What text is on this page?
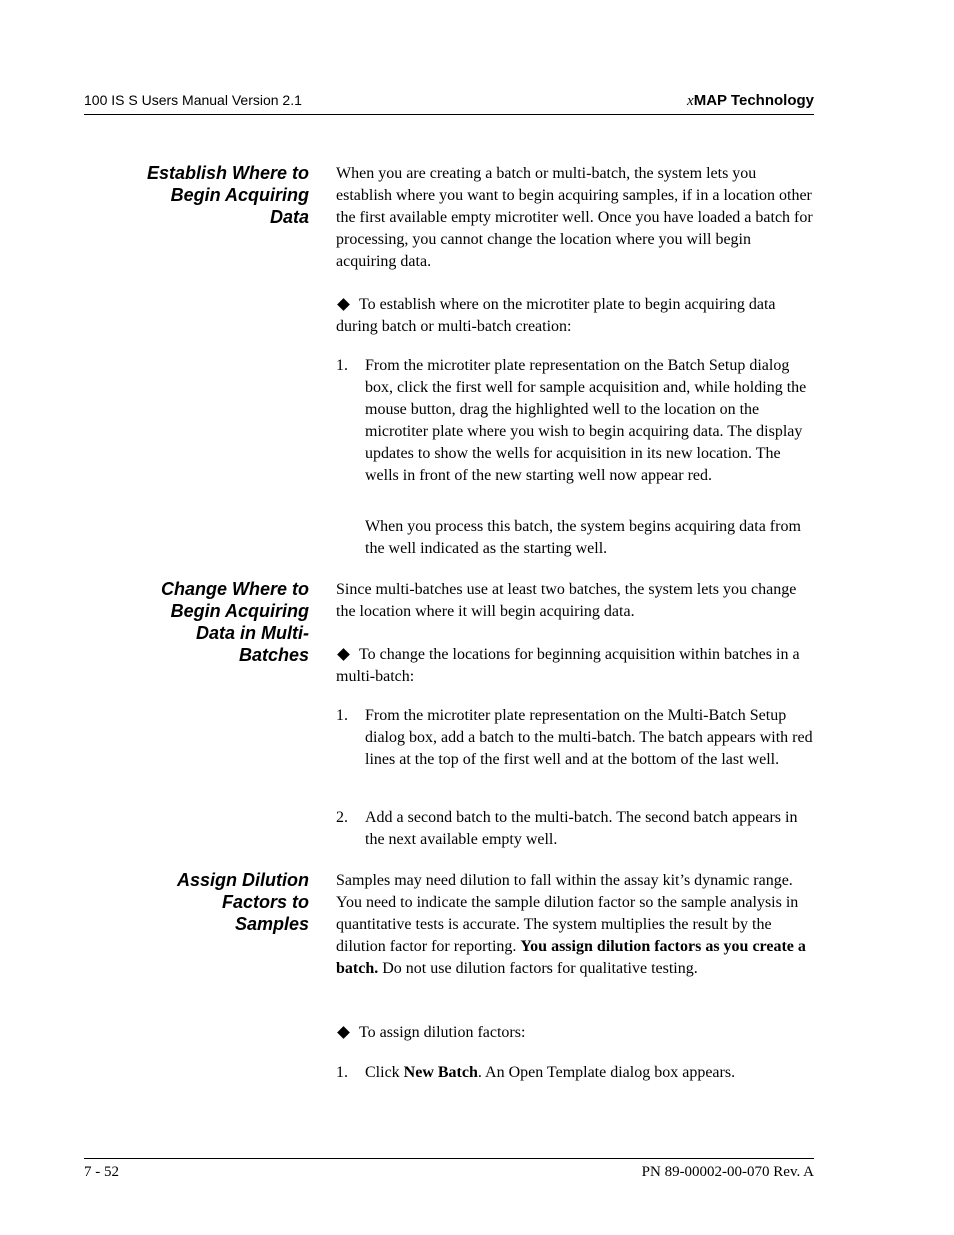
100 IS S Users Manual Version 2.1	xMAP Technology
Establish Where to
Begin Acquiring
Data

When you are creating a batch or multi-batch, the system lets you establish where you want to begin acquiring samples, if in a location other the first available empty microtiter well. Once you have loaded a batch for processing, you cannot change the location where you will begin acquiring data.

To establish where on the microtiter plate to begin acquiring data during batch or multi-batch creation:

1. From the microtiter plate representation on the Batch Setup dialog box, click the first well for sample acquisition and, while holding the mouse button, drag the highlighted well to the location on the microtiter plate where you wish to begin acquiring data. The display updates to show the wells for acquisition in its new location. The wells in front of the new starting well now appear red.

When you process this batch, the system begins acquiring data from the well indicated as the starting well.

Change Where to
Begin Acquiring
Data in Multi-
Batches

Since multi-batches use at least two batches, the system lets you change the location where it will begin acquiring data.

To change the locations for beginning acquisition within batches in a multi-batch:

1. From the microtiter plate representation on the Multi-Batch Setup dialog box, add a batch to the multi-batch. The batch appears with red lines at the top of the first well and at the bottom of the last well.
2. Add a second batch to the multi-batch. The second batch appears in the next available empty well.
Assign Dilution
Factors to
Samples

Samples may need dilution to fall within the assay kit’s dynamic range. You need to indicate the sample dilution factor so the sample analysis in quantitative tests is accurate. The system multiplies the result by the dilution factor for reporting. You assign dilution factors as you create a batch. Do not use dilution factors for qualitative testing.

To assign dilution factors:

1. Click New Batch. An Open Template dialog box appears.
7 - 52	PN 89-00002-00-070 Rev. A
